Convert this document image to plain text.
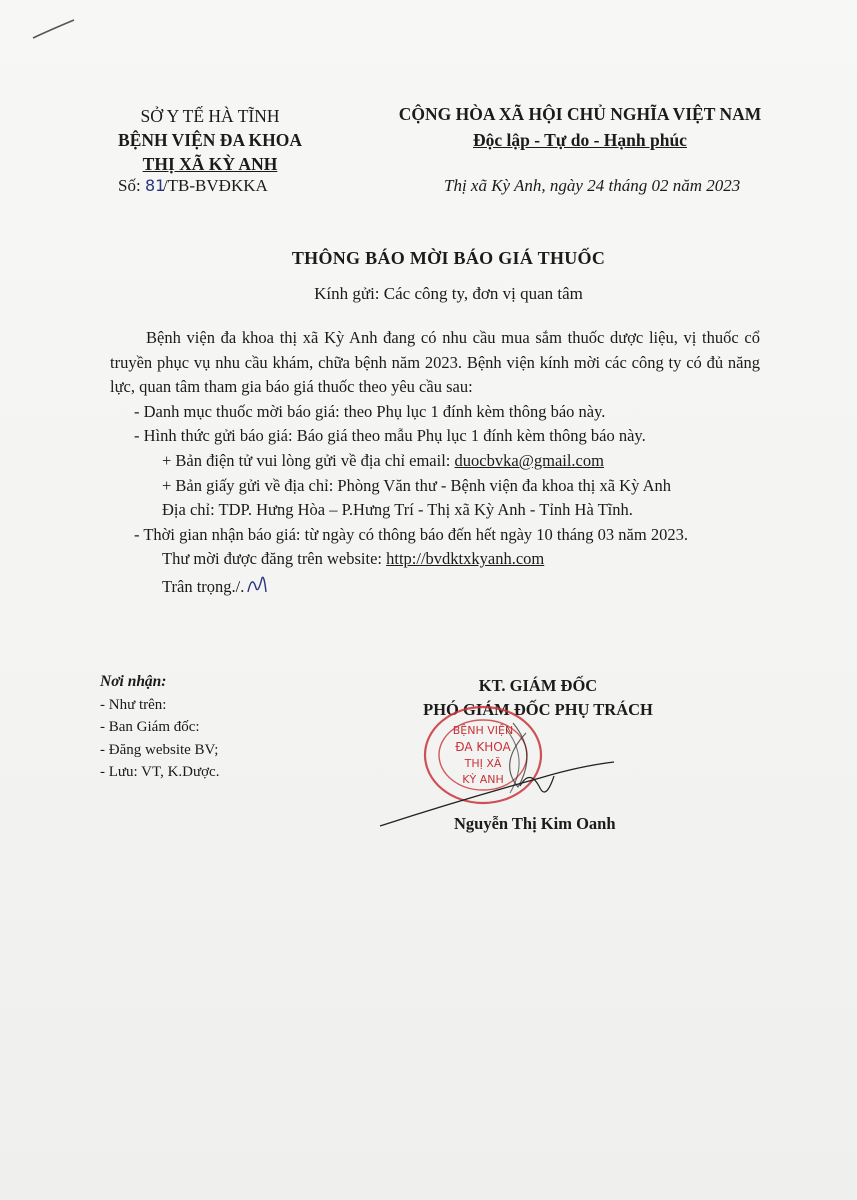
SỞ Y TẾ HÀ TĨNH
BỆNH VIỆN ĐA KHOA
THỊ XÃ KỲ ANH
Số: 81/TB-BVĐKKA
CỘNG HÒA XÃ HỘI CHỦ NGHĨA VIỆT NAM
Độc lập - Tự do - Hạnh phúc
Thị xã Kỳ Anh, ngày 24 tháng 02 năm 2023
THÔNG BÁO MỜI BÁO GIÁ THUỐC
Kính gửi: Các công ty, đơn vị quan tâm

Bệnh viện đa khoa thị xã Kỳ Anh đang có nhu cầu mua sắm thuốc dược liệu, vị thuốc cổ truyền phục vụ nhu cầu khám, chữa bệnh năm 2023. Bệnh viện kính mời các công ty có đủ năng lực, quan tâm tham gia báo giá thuốc theo yêu cầu sau:

- Danh mục thuốc mời báo giá: theo Phụ lục 1 đính kèm thông báo này.

- Hình thức gửi báo giá: Báo giá theo mẫu Phụ lục 1 đính kèm thông báo này.

+ Bản điện tử vui lòng gửi về địa chỉ email: duocbvka@gmail.com

+ Bản giấy gửi về địa chỉ: Phòng Văn thư - Bệnh viện đa khoa thị xã Kỳ Anh

Địa chỉ: TDP. Hưng Hòa – P.Hưng Trí - Thị xã Kỳ Anh - Tỉnh Hà Tĩnh.

- Thời gian nhận báo giá: từ ngày có thông báo đến hết ngày 10 tháng 03 năm 2023.

Thư mời được đăng trên website: http://bvdktxkyanh.com

Trân trọng./.

Nơi nhận:
- Như trên:
- Ban Giám đốc:
- Đăng website BV;
- Lưu: VT, K.Dược.
KT. GIÁM ĐỐC
PHÓ GIÁM ĐỐC PHỤ TRÁCH
BỆNH VIỆN
ĐA KHOA
THỊ XÃ
KỲ ANH
Nguyễn Thị Kim Oanh
